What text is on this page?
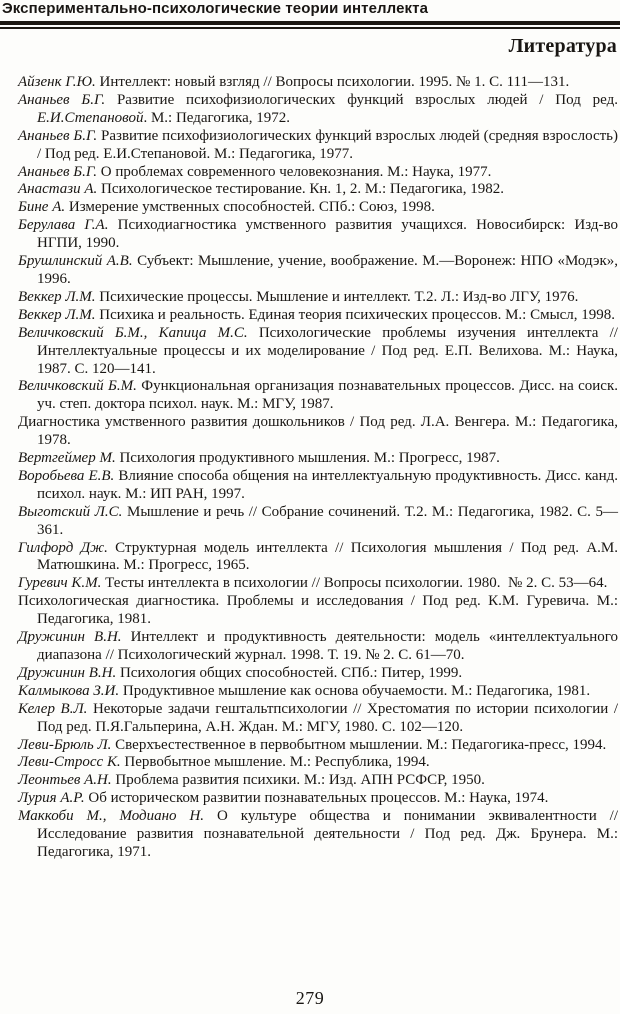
Экспериментально-психологические теории интеллекта
Литература
Айзенк Г.Ю. Интеллект: новый взгляд // Вопросы психологии. 1995. № 1. С. 111—131.
Ананьев Б.Г. Развитие психофизиологических функций взрослых людей / Под ред. Е.И.Степановой. М.: Педагогика, 1972.
Ананьев Б.Г. Развитие психофизиологических функций взрослых людей (средняя взрослость) / Под ред. Е.И.Степановой. М.: Педагогика, 1977.
Ананьев Б.Г. О проблемах современного человекознания. М.: Наука, 1977.
Анастази А. Психологическое тестирование. Кн. 1, 2. М.: Педагогика, 1982.
Бине А. Измерение умственных способностей. СПб.: Союз, 1998.
Берулава Г.А. Психодиагностика умственного развития учащихся. Новосибирск: Изд-во НГПИ, 1990.
Брушлинский А.В. Субъект: Мышление, учение, воображение. М.—Воронеж: НПО «Модэк», 1996.
Веккер Л.М. Психические процессы. Мышление и интеллект. Т.2. Л.: Изд-во ЛГУ, 1976.
Веккер Л.М. Психика и реальность. Единая теория психических процессов. М.: Смысл, 1998.
Величковский Б.М., Капица М.С. Психологические проблемы изучения интеллекта // Интеллектуальные процессы и их моделирование / Под ред. Е.П. Велихова. М.: Наука, 1987. С. 120—141.
Величковский Б.М. Функциональная организация познавательных процессов. Дисс. на соиск. уч. степ. доктора психол. наук. М.: МГУ, 1987.
Диагностика умственного развития дошкольников / Под ред. Л.А. Венгера. М.: Педагогика, 1978.
Вертгеймер М. Психология продуктивного мышления. М.: Прогресс, 1987.
Воробьева Е.В. Влияние способа общения на интеллектуальную продуктивность. Дисс. канд. психол. наук. М.: ИП РАН, 1997.
Выготский Л.С. Мышление и речь // Собрание сочинений. Т.2. М.: Педагогика, 1982. С. 5—361.
Гилфорд Дж. Структурная модель интеллекта // Психология мышления / Под ред. А.М. Матюшкина. М.: Прогресс, 1965.
Гуревич К.М. Тесты интеллекта в психологии // Вопросы психологии. 1980.  № 2. С. 53—64.
Психологическая диагностика. Проблемы и исследования / Под ред. К.М. Гуревича. М.: Педагогика, 1981.
Дружинин В.Н. Интеллект и продуктивность деятельности: модель «интеллектуального диапазона // Психологический журнал. 1998. Т. 19. № 2. С. 61—70.
Дружинин В.Н. Психология общих способностей. СПб.: Питер, 1999.
Калмыкова З.И. Продуктивное мышление как основа обучаемости. М.: Педагогика, 1981.
Келер В.Л. Некоторые задачи гештальтпсихологии // Хрестоматия по истории психологии / Под ред. П.Я.Гальперина, А.Н. Ждан. М.: МГУ, 1980. С. 102—120.
Леви-Брюль Л. Сверхъестественное в первобытном мышлении. М.: Педагогика-пресс, 1994.
Леви-Стросс К. Первобытное мышление. М.: Республика, 1994.
Леонтьев А.Н. Проблема развития психики. М.: Изд. АПН РСФСР, 1950.
Лурия А.Р. Об историческом развитии познавательных процессов. М.: Наука, 1974.
Маккоби М., Модиано Н. О культуре общества и понимании эквивалентности // Исследование развития познавательной деятельности / Под ред. Дж. Брунера. М.: Педагогика, 1971.
279
